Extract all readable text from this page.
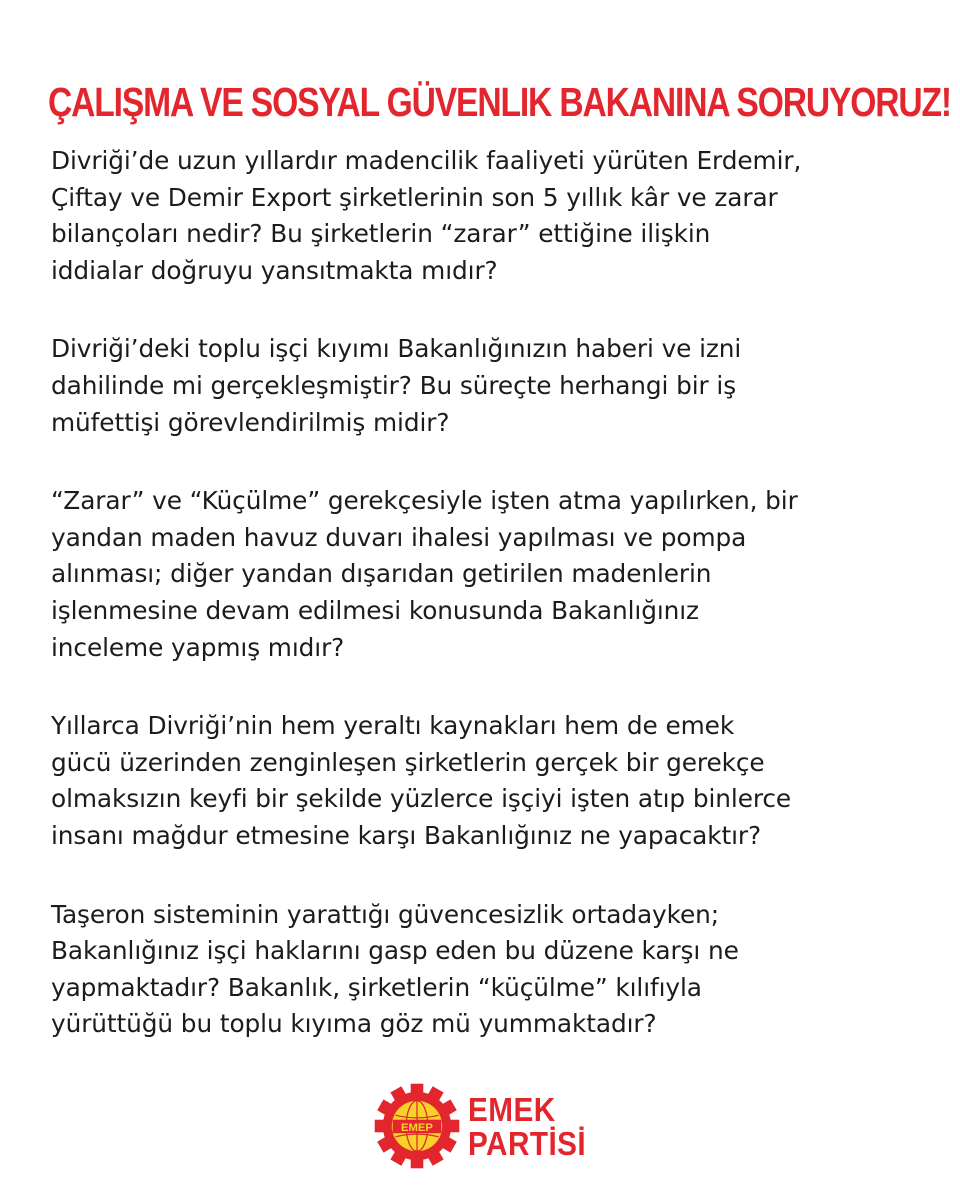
ÇALIŞMA VE SOSYAL GÜVENLIK BAKANINA SORUYORUZ!

Divriği’de uzun yıllardır madencilik faaliyeti yürüten Erdemir,
Çiftay ve Demir Export şirketlerinin son 5 yıllık kâr ve zarar
bilançoları nedir? Bu şirketlerin “zarar” ettiğine ilişkin
iddialar doğruyu yansıtmakta mıdır?

Divriği’deki toplu işçi kıyımı Bakanlığınızın haberi ve izni
dahilinde mi gerçekleşmiştir? Bu süreçte herhangi bir iş
müfettişi görevlendirilmiş midir?

“Zarar” ve “Küçülme” gerekçesiyle işten atma yapılırken, bir
yandan maden havuz duvarı ihalesi yapılması ve pompa
alınması; diğer yandan dışarıdan getirilen madenlerin
işlenmesine devam edilmesi konusunda Bakanlığınız
inceleme yapmış mıdır?

Yıllarca Divriği’nin hem yeraltı kaynakları hem de emek
gücü üzerinden zenginleşen şirketlerin gerçek bir gerekçe
olmaksızın keyfi bir şekilde yüzlerce işçiyi işten atıp binlerce
insanı mağdur etmesine karşı Bakanlığınız ne yapacaktır?

Taşeron sisteminin yarattığı güvencesizlik ortadayken;
Bakanlığınız işçi haklarını gasp eden bu düzene karşı ne
yapmaktadır? Bakanlık, şirketlerin “küçülme” kılıfıyla
yürüttüğü bu toplu kıyıma göz mü yummaktadır?

EMEP EMEK
PARTİSİ
